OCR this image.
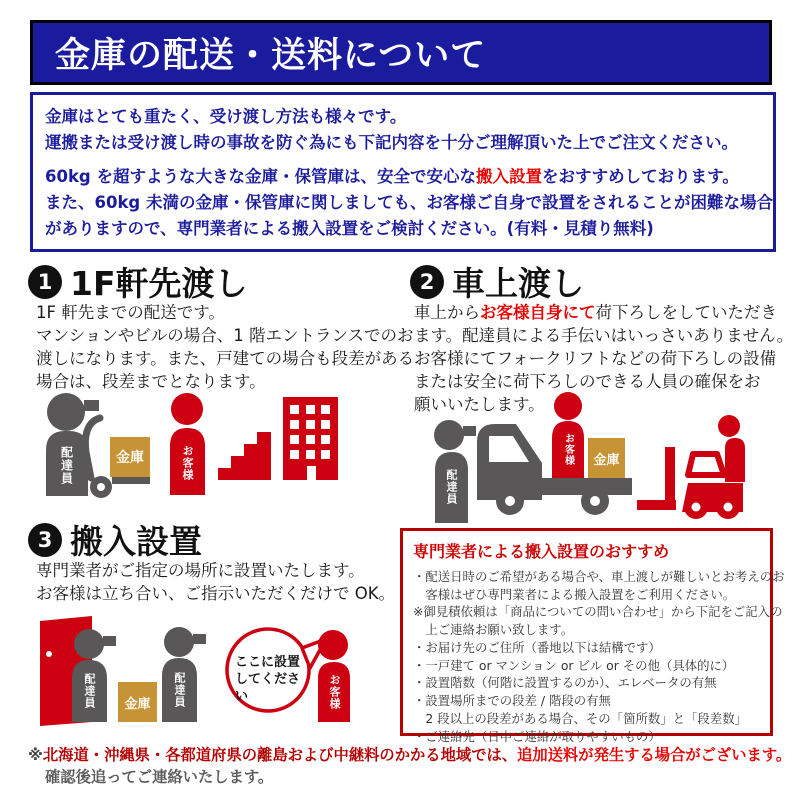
金庫の配送・送料について
金庫はとても重たく、受け渡し方法も様々です。
運搬または受け渡し時の事故を防ぐ為にも下記内容を十分ご理解頂いた上でご注文ください。
60kg を超すような大きな金庫・保管庫は、安全で安心な搬入設置をおすすめしております。
また、60kg 未満の金庫・保管庫に関しましても、お客様ご自身で設置をされることが困難な場合
がありますので、専門業者による搬入設置をご検討ください。(有料・見積り無料)
1 1F軒先渡し
1F 軒先までの配送です。
マンションやビルの場合、1 階エントランスでのお
渡しになります。また、戸建ての場合も段差がある
場合は、段差までとなります。
2 車上渡し
車上からお客様自身にて荷下ろしをしていただき
ます。配達員による手伝いはいっさいありません。
お客様にてフォークリフトなどの荷下ろしの設備
または安全に荷下ろしのできる人員の確保をお
願いいたします。
配達員	金庫	お客様
配達員
お客様	金庫
3 搬入設置
専門業者がご指定の場所に設置いたします。
お客様は立ち合い、ご指示いただくだけで OK。
配達員	金庫	配達員
ここに設置
してください	お客様
専門業者による搬入設置のおすすめ
・配送日時のご希望がある場合や、車上渡しが難しいとお考えのお
　客様はぜひ専門業者による搬入設置をご利用ください。
※御見積依頼は「商品についての問い合わせ」から下記をご記入の
　上ご連絡お願い致します。
・お届け先のご住所（番地以下は結構です）
・一戸建て or マンション or ビル or その他（具体的に）
・設置階数（何階に設置するのか）、エレベータの有無
・設置場所までの段差 / 階段の有無
　2 段以上の段差がある場合、その「箇所数」と「段差数」
・ご連絡先（日中ご連絡が取りやすいもの）
※北海道・沖縄県・各都道府県の離島および中継料のかかる地域では、追加送料が発生する場合がございます。
確認後追ってご連絡いたします。
